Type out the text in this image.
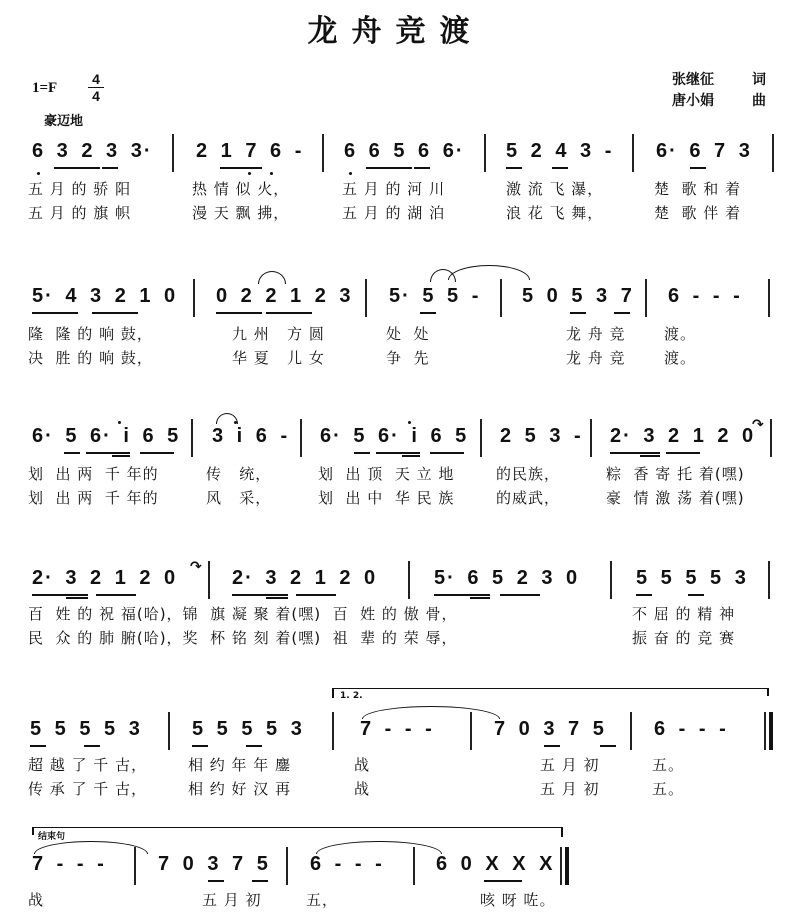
龙舟竞渡
1=F
4
4
豪迈地
张继征	词
唐小娟	曲
6 3 2 3 3· 2 1 7 6 - 6 6 5 6 6· 5 2 4 3 - 6· 6 7 3
五 月 的 骄 阳	热 情 似 火，	五 月 的 河 川	激 流 飞 瀑，	楚  歌 和 着
五 月 的 旗 帜	漫 天 飘 拂，	五 月 的 湖 泊	浪 花 飞 舞，	楚  歌 伴 着
5· 4 3 2 1 0 0 2 2 1 2 3 5· 5 5 - 5 0 5 3 7 6 - - -
隆  隆 的 响 鼓，	九 州   方 圆	处  处	龙 舟 竞	渡。
决  胜 的 响 鼓，	华 夏   儿 女	争  先	龙 舟 竞	渡。
6· 5 6· i 6 5 3 i 6 - 6· 5 6· i 6 5 2 5 3 - 2· 3 2 1 2 0
↷
划  出 两  千 年的	传   统，	划  出 顶  天 立 地	的民族，	粽  香 寄 托 着(嘿)
划  出 两  千 年的	风   采，	划  出 中  华 民 族	的威武，	豪  情 激 荡 着(嘿)
2· 3 2 1 2 0 ↷ 2· 3 2 1 2 0	5· 6 5 2 3 0	5 5 5 5 3
百  姓 的 祝 福(哈)，锦  旗 凝 聚 着(嘿)  百  姓 的 傲 骨，	不 屈 的 精 神
民  众 的 肺 腑(哈)，奖  杯 铭 刻 着(嘿)  祖  辈 的 荣 辱，	振 奋 的 竞 赛
1. 2.
5 5 5 5 3	5 5 5 5 3	7 - - -	7 0 3 7 5 6 - - -
超 越 了 千 古，	相 约 年 年 鏖	战	五 月 初	五。
传 承 了 千 古，	相 约 好 汉 再	战	五 月 初	五。
结束句
7 - - -	7 0 3 7 5 6 - - -	6 0 X X X
战	五 月 初	五，	咳 呀 咗。
